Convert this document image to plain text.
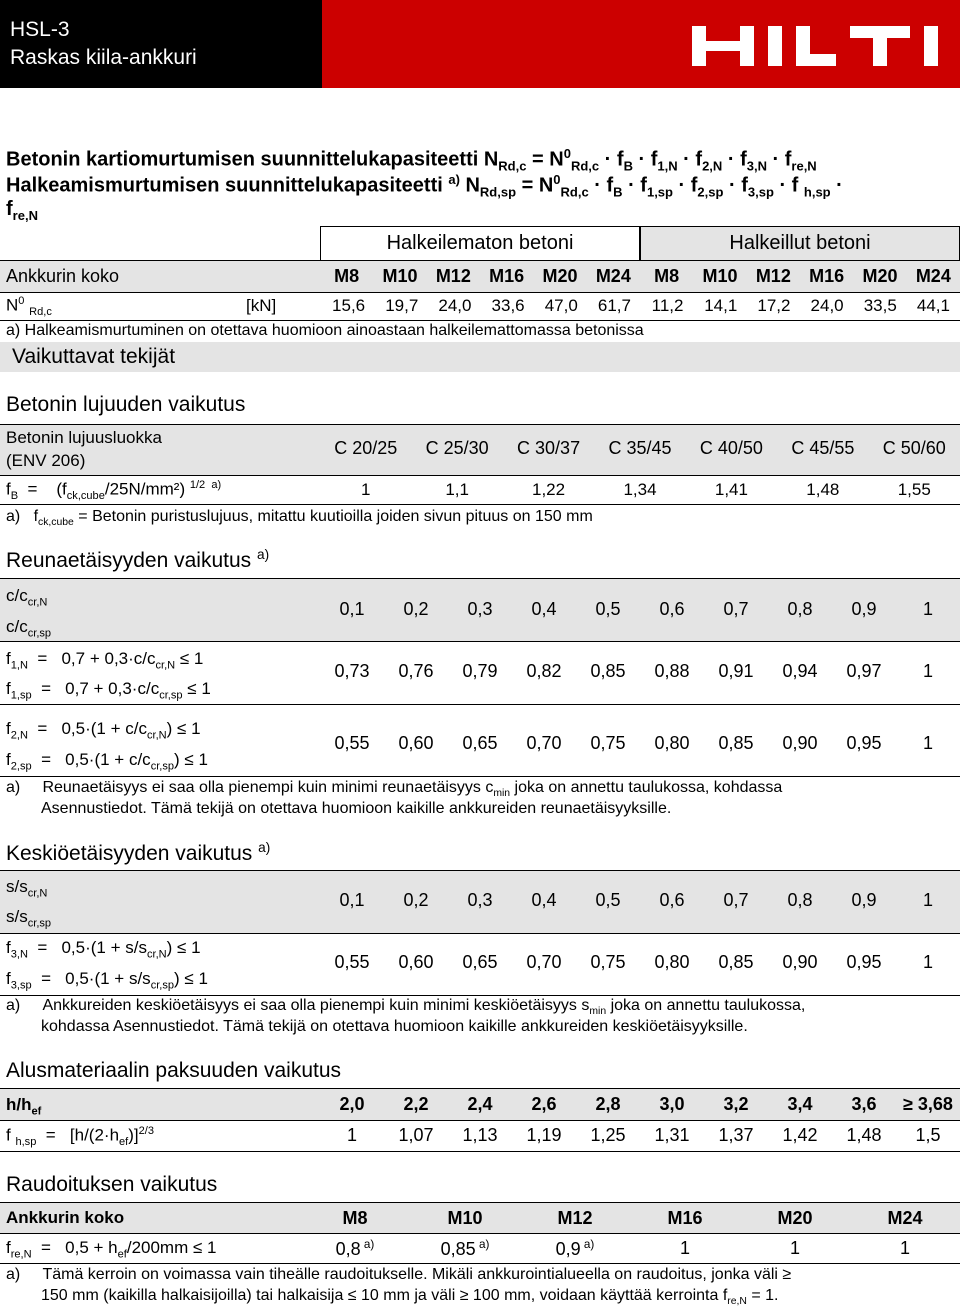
HSL-3
Raskas kiila-ankkuri
Betonin kartiomurtumisen suunnittelukapasiteetti $N_{Rd,c} = N^0_{Rd,c} \cdot f_B \cdot f_{1,N} \cdot f_{2,N} \cdot f_{3,N} \cdot f_{re,N}$
Halkeamismurtumisen suunnittelukapasiteetti $^{a)}$ $N_{Rd,sp} = N^0_{Rd,c} \cdot f_B \cdot f_{1,sp} \cdot f_{2,sp} \cdot f_{3,sp} \cdot f$ $_{h,sp}$ ·
$f_{re,N}$
Halkeilematon betoni	Halkeillut betoni
Ankkurin koko	M8	M10	M12	M16	M20	M24	M8	M10	M12	M16	M20	M24
$N^0$ $_{Rd,c}$	[kN]	15,6	19,7	24,0	33,6	47,0	61,7	11,2	14,1	17,2	24,0	33,5	44,1
a) Halkeamismurtuminen on otettava huomioon ainoastaan halkeilemattomassa betonissa
Vaikuttavat tekijät
Betonin lujuuden vaikutus
Betonin lujuusluokka
(ENV 206)
C 20/25	C 25/30	C 30/37	C 35/45	C 40/50	C 45/55	C 50/60
$f_B$  =    $(f_{ck,cube}/25N/mm^2)$ $^{1/2 a)}$	1	1,1	1,22	1,34	1,41	1,48	1,55
a)   $f_{ck,cube}$ = Betonin puristuslujuus, mitattu kuutioilla joiden sivun pituus on 150 mm
Reunaetäisyyden vaikutus $^{a)}$
$c/c_{cr,N}$
$c/c_{cr,sp}$
0,1	0,2	0,3	0,4	0,5	0,6	0,7	0,8	0,9	1
$f_{1,N} = 0,7 + 0,3\cdot c/c_{cr,N} \le 1$
$f_{1,sp} = 0,7 + 0,3\cdot c/c_{cr,sp} \le 1$
0,73	0,76	0,79	0,82	0,85	0,88	0,91	0,94	0,97	1
$f_{2,N} = 0,5\cdot(1 + c/c_{cr,N}) \le 1$
$f_{2,sp} = 0,5\cdot(1 + c/c_{cr,sp}) \le 1$
0,55	0,60	0,65	0,70	0,75	0,80	0,85	0,90	0,95	1
a)     Reunaetäisyys ei saa olla pienempi kuin minimi reunaetäisyys $c_{min}$ joka on annettu taulukossa, kohdassa
Asennustiedot. Tämä tekijä on otettava huomioon kaikille ankkureiden reunaetäisyyksille.
Keskiöetäisyyden vaikutus $^{a)}$
$s/s_{cr,N}$
$s/s_{cr,sp}$
0,1	0,2	0,3	0,4	0,5	0,6	0,7	0,8	0,9	1
$f_{3,N} = 0,5\cdot(1 + s/s_{cr,N}) \le 1$
$f_{3,sp} = 0,5\cdot(1 + s/s_{cr,sp}) \le 1$
0,55	0,60	0,65	0,70	0,75	0,80	0,85	0,90	0,95	1
a)     Ankkureiden keskiöetäisyys ei saa olla pienempi kuin minimi keskiöetäisyys $s_{min}$ joka on annettu taulukossa,
kohdassa Asennustiedot. Tämä tekijä on otettava huomioon kaikille ankkureiden keskiöetäisyyksille.
Alusmateriaalin paksuuden vaikutus
$h/h_{ef}$	2,0	2,2	2,4	2,6	2,8	3,0	3,2	3,4	3,6	≥ 3,68
f $_{h,sp} = [h/(2\cdot h_{ef})]^{2/3}$	1	1,07	1,13	1,19	1,25	1,31	1,37	1,42	1,48	1,5
Raudoituksen vaikutus
Ankkurin koko	M8	M10	M12	M16	M20	M24
$f_{re,N} = 0,5 + h_{ef}/200mm \le 1$	0,8 $^{a)}$	0,85 $^{a)}$	0,9 $^{a)}$	1	1	1
a)     Tämä kerroin on voimassa vain tiheälle raudoitukselle. Mikäli ankkurointialueella on raudoitus, jonka väli ≥
150 mm (kaikilla halkaisijoilla) tai halkaisija ≤ 10 mm ja väli ≥ 100 mm, voidaan käyttää kerrointa $f_{re,N} = 1$.
